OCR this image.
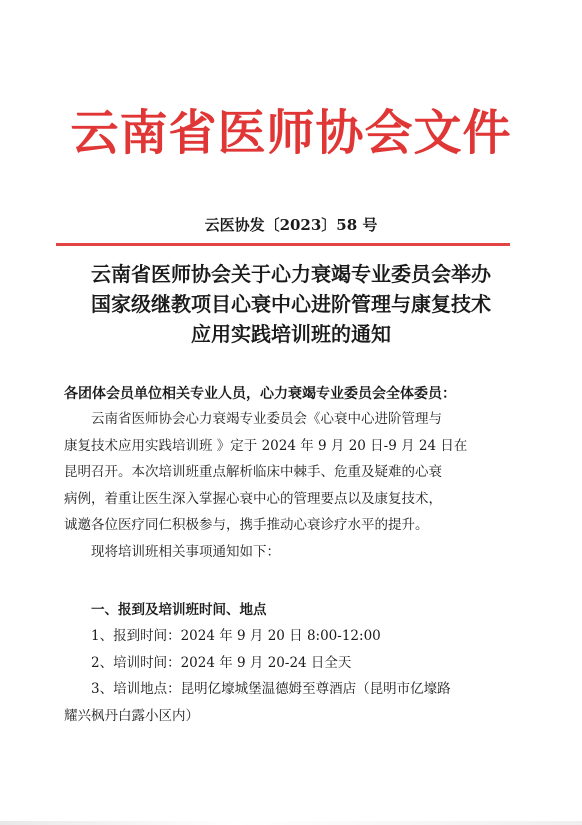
云南省医师协会文件
云医协发〔2023〕58 号
云南省医师协会关于心力衰竭专业委员会举办
国家级继教项目心衰中心进阶管理与康复技术
应用实践培训班的通知
各团体会员单位相关专业人员，心力衰竭专业委员会全体委员：
云南省医师协会心力衰竭专业委员会《心衰中心进阶管理与
康复技术应用实践培训班 》定于 2024 年 9 月 20 日-9 月 24 日在
昆明召开。本次培训班重点解析临床中棘手、危重及疑难的心衰
病例，着重让医生深入掌握心衰中心的管理要点以及康复技术，
诚邀各位医疗同仁积极参与，携手推动心衰诊疗水平的提升。
现将培训班相关事项通知如下：
一、报到及培训班时间、地点
1、报到时间：2024 年 9 月 20 日 8:00-12:00
2、培训时间：2024 年 9 月 20-24 日全天
3、培训地点：昆明亿壕城堡温德姆至尊酒店（昆明市亿壕路
耀兴枫丹白露小区内）
